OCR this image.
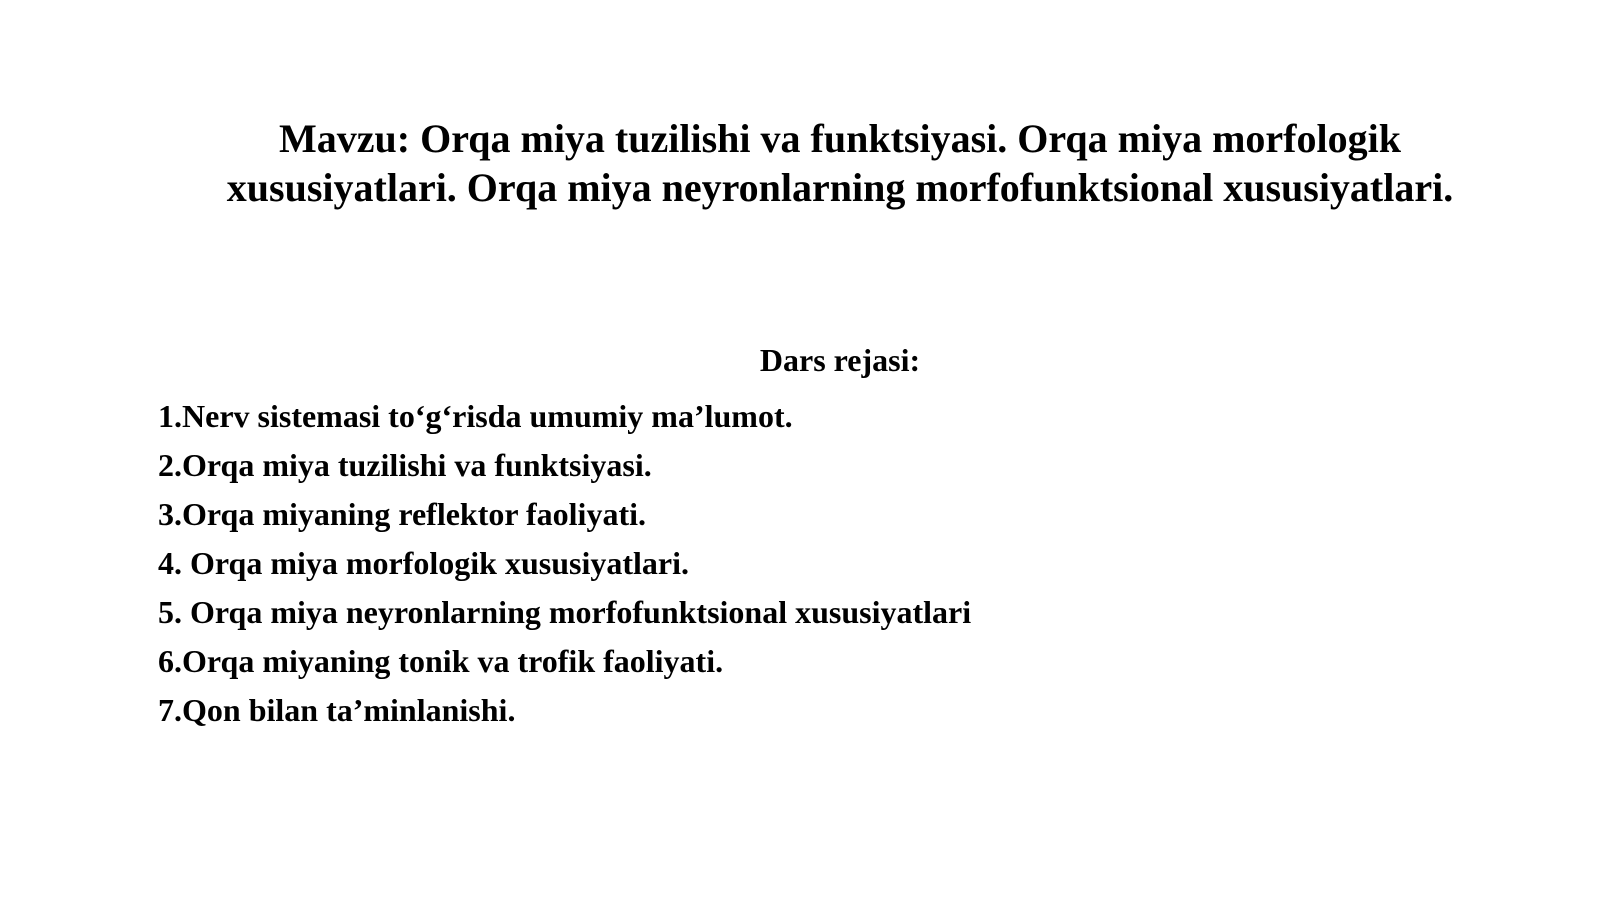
Mavzu: Orqa miya tuzilishi va funktsiyasi. Orqa miya morfologik xususiyatlari. Orqa miya neyronlarning morfofunktsional xususiyatlari.
Dars rejasi:
1.Nerv sistemasi to‘g‘risda umumiy ma’lumot.
2.Orqa miya tuzilishi va funktsiyasi.
3.Orqa miyaning reflektor faoliyati.
4. Orqa miya morfologik xususiyatlari.
5. Orqa miya neyronlarning morfofunktsional xususiyatlari
6.Orqa miyaning tonik va trofik faoliyati.
7.Qon bilan ta’minlanishi.
